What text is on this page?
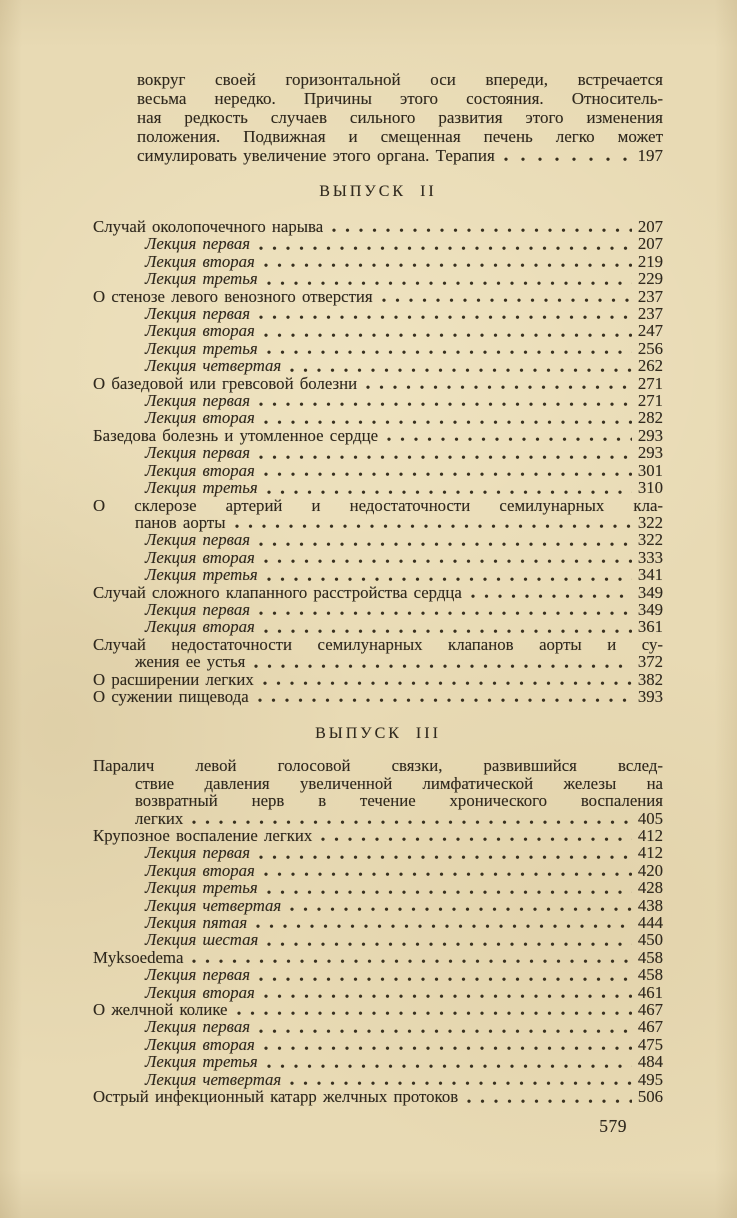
вокруг своей горизонтальной оси впереди, встречается
весьма нередко. Причины этого состояния. Относитель-
ная редкость случаев сильного развития этого изменения
положения. Подвижная и смещенная печень легко может
симулировать увеличение этого органа. Терапия	197
ВЫПУСК II
Случай околопочечного нарыва	207
Лекция первая	207
Лекция вторая	219
Лекция третья	229
О стенозе левого венозного отверстия	237
Лекция первая	237
Лекция вторая	247
Лекция третья	256
Лекция четвертая	262
О базедовой или гревсовой болезни	271
Лекция первая	271
Лекция вторая	282
Базедова болезнь и утомленное сердце	293
Лекция первая	293
Лекция вторая	301
Лекция третья	310
О склерозе артерий и недостаточности семилунарных кла-
панов аорты	322
Лекция первая	322
Лекция вторая	333
Лекция третья	341
Случай сложного клапанного расстройства сердца	349
Лекция первая	349
Лекция вторая	361
Случай недостаточности семилунарных клапанов аорты и су-
жения ее устья	372
О расширении легких	382
О сужении пищевода	393
ВЫПУСК III
Паралич левой голосовой связки, развившийся вслед-
ствие давления увеличенной лимфатической железы на
возвратный нерв в течение хронического воспаления
легких	405
Крупозное воспаление легких	412
Лекция первая	412
Лекция вторая	420
Лекция третья	428
Лекция четвертая	438
Лекция пятая	444
Лекция шестая	450
Myksoedema	458
Лекция первая	458
Лекция вторая	461
О желчной колике	467
Лекция первая	467
Лекция вторая	475
Лекция третья	484
Лекция четвертая	495
Острый инфекционный катарр желчных протоков	506
579
